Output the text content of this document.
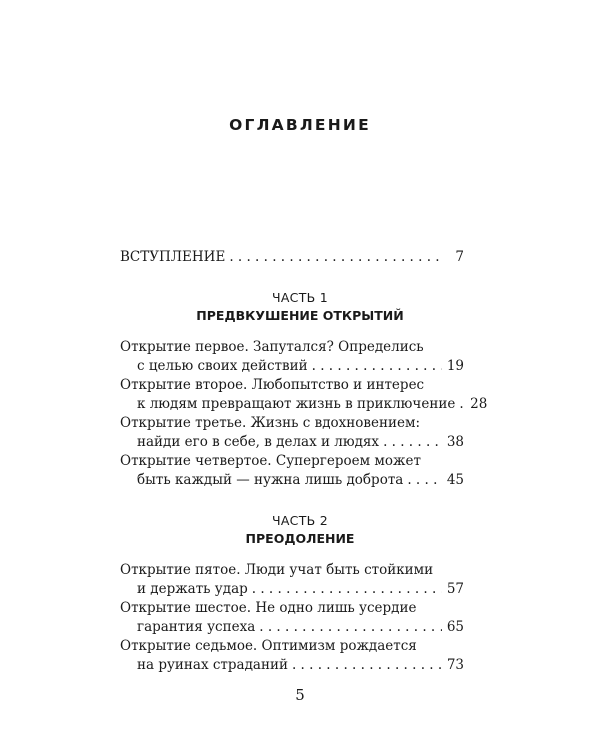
ОГЛАВЛЕНИЕ
ВСТУПЛЕНИЕ . . .	7
ЧАСТЬ 1
ПРЕДВКУШЕНИЕ ОТКРЫТИЙ
Открытие первое. Запутался? Определись
с целью своих действий . . .	19
Открытие второе. Любопытство и интерес
к людям превращают жизнь в приключение . . .	28
Открытие третье. Жизнь с вдохновением:
найди его в себе, в делах и людях . . .	38
Открытие четвертое. Супергероем может
быть каждый — нужна лишь доброта . . .	45
ЧАСТЬ 2
ПРЕОДОЛЕНИЕ
Открытие пятое. Люди учат быть стойкими
и держать удар . . .	57
Открытие шестое. Не одно лишь усердие
гарантия успеха . . .	65
Открытие седьмое. Оптимизм рождается
на руинах страданий . . .	73
5
